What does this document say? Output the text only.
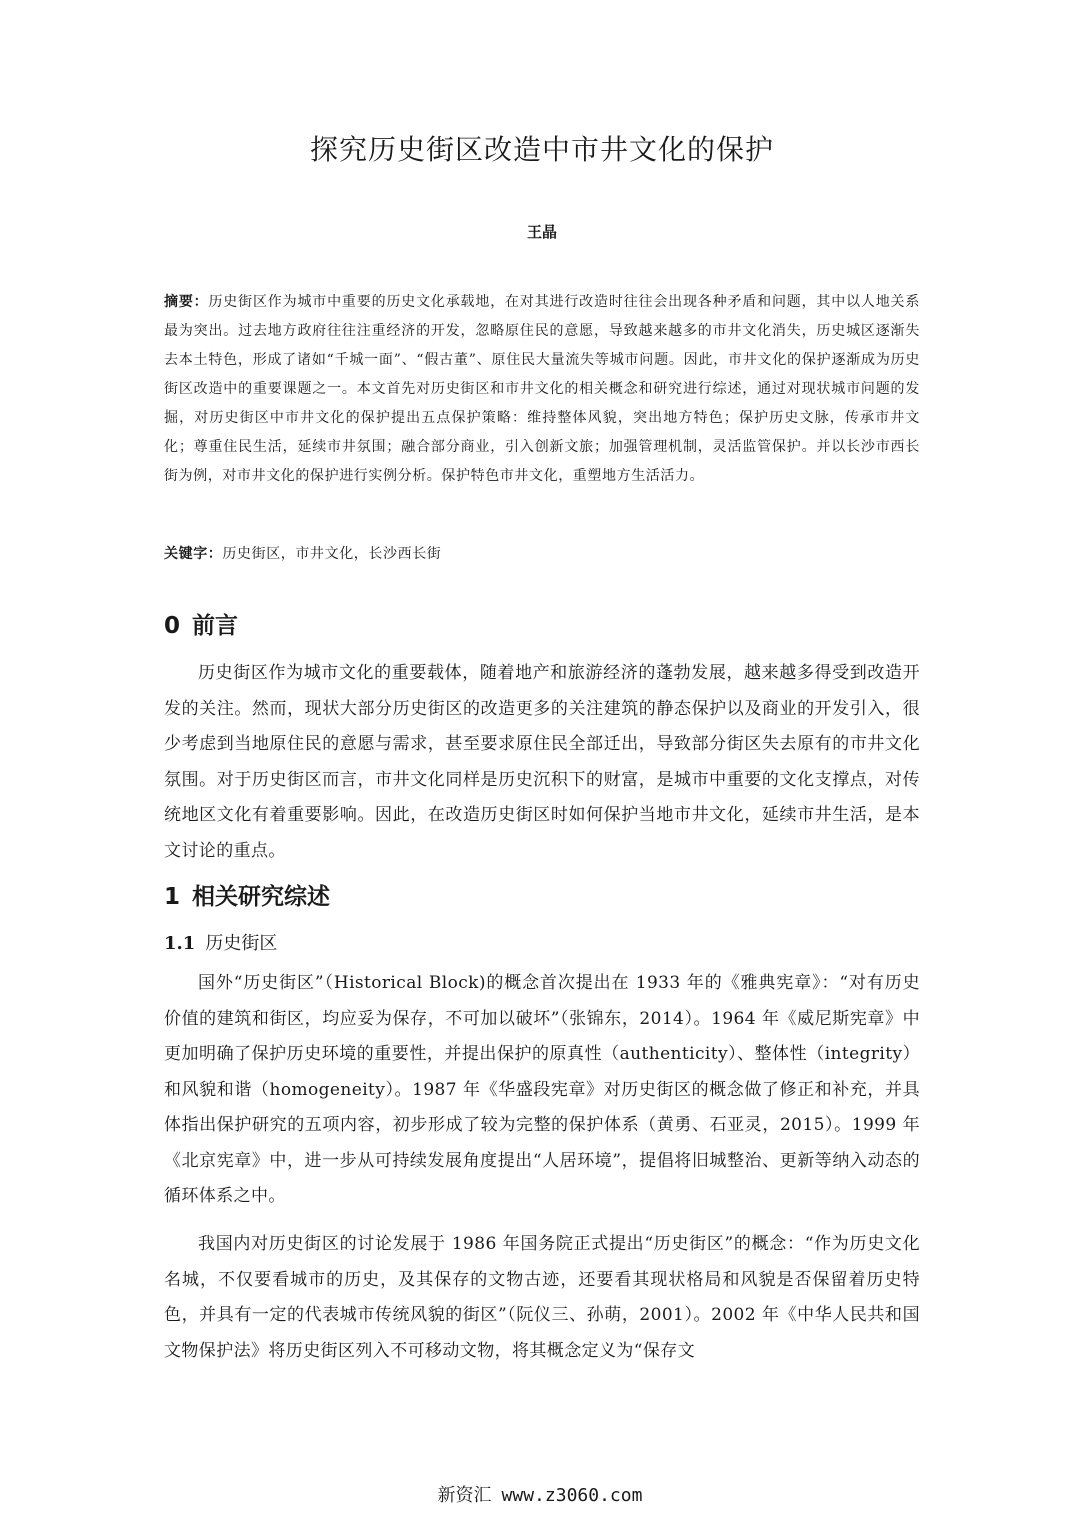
探究历史街区改造中市井文化的保护
王晶
摘要：历史街区作为城市中重要的历史文化承载地，在对其进行改造时往往会出现各种矛盾和问题，其中以人地关系最为突出。过去地方政府往往注重经济的开发，忽略原住民的意愿，导致越来越多的市井文化消失，历史城区逐渐失去本土特色，形成了诸如“千城一面”、“假古董”、原住民大量流失等城市问题。因此，市井文化的保护逐渐成为历史街区改造中的重要课题之一。本文首先对历史街区和市井文化的相关概念和研究进行综述，通过对现状城市问题的发掘，对历史街区中市井文化的保护提出五点保护策略：维持整体风貌，突出地方特色；保护历史文脉，传承市井文化；尊重住民生活，延续市井氛围；融合部分商业，引入创新文旅；加强管理机制，灵活监管保护。并以长沙市西长街为例，对市井文化的保护进行实例分析。保护特色市井文化，重塑地方生活活力。
关键字：历史街区，市井文化，长沙西长街
0 前言
历史街区作为城市文化的重要载体，随着地产和旅游经济的蓬勃发展，越来越多得受到改造开发的关注。然而，现状大部分历史街区的改造更多的关注建筑的静态保护以及商业的开发引入，很少考虑到当地原住民的意愿与需求，甚至要求原住民全部迁出，导致部分街区失去原有的市井文化氛围。对于历史街区而言，市井文化同样是历史沉积下的财富，是城市中重要的文化支撑点，对传统地区文化有着重要影响。因此，在改造历史街区时如何保护当地市井文化，延续市井生活，是本文讨论的重点。
1 相关研究综述
1.1 历史街区
国外“历史街区”（Historical Block)的概念首次提出在 1933 年的《雅典宪章》：“对有历史价值的建筑和街区，均应妥为保存，不可加以破坏”（张锦东，2014）。1964 年《威尼斯宪章》中更加明确了保护历史环境的重要性，并提出保护的原真性（authenticity）、整体性（integrity）和风貌和谐（homogeneity）。1987 年《华盛段宪章》对历史街区的概念做了修正和补充，并具体指出保护研究的五项内容，初步形成了较为完整的保护体系（黄勇、石亚灵，2015）。1999 年《北京宪章》中，进一步从可持续发展角度提出“人居环境”，提倡将旧城整治、更新等纳入动态的循环体系之中。
我国内对历史街区的讨论发展于 1986 年国务院正式提出“历史街区”的概念：“作为历史文化名城，不仅要看城市的历史，及其保存的文物古迹，还要看其现状格局和风貌是否保留着历史特色，并具有一定的代表城市传统风貌的街区”（阮仪三、孙萌，2001）。2002 年《中华人民共和国文物保护法》将历史街区列入不可移动文物，将其概念定义为“保存文
新资汇 www.z3060.com
